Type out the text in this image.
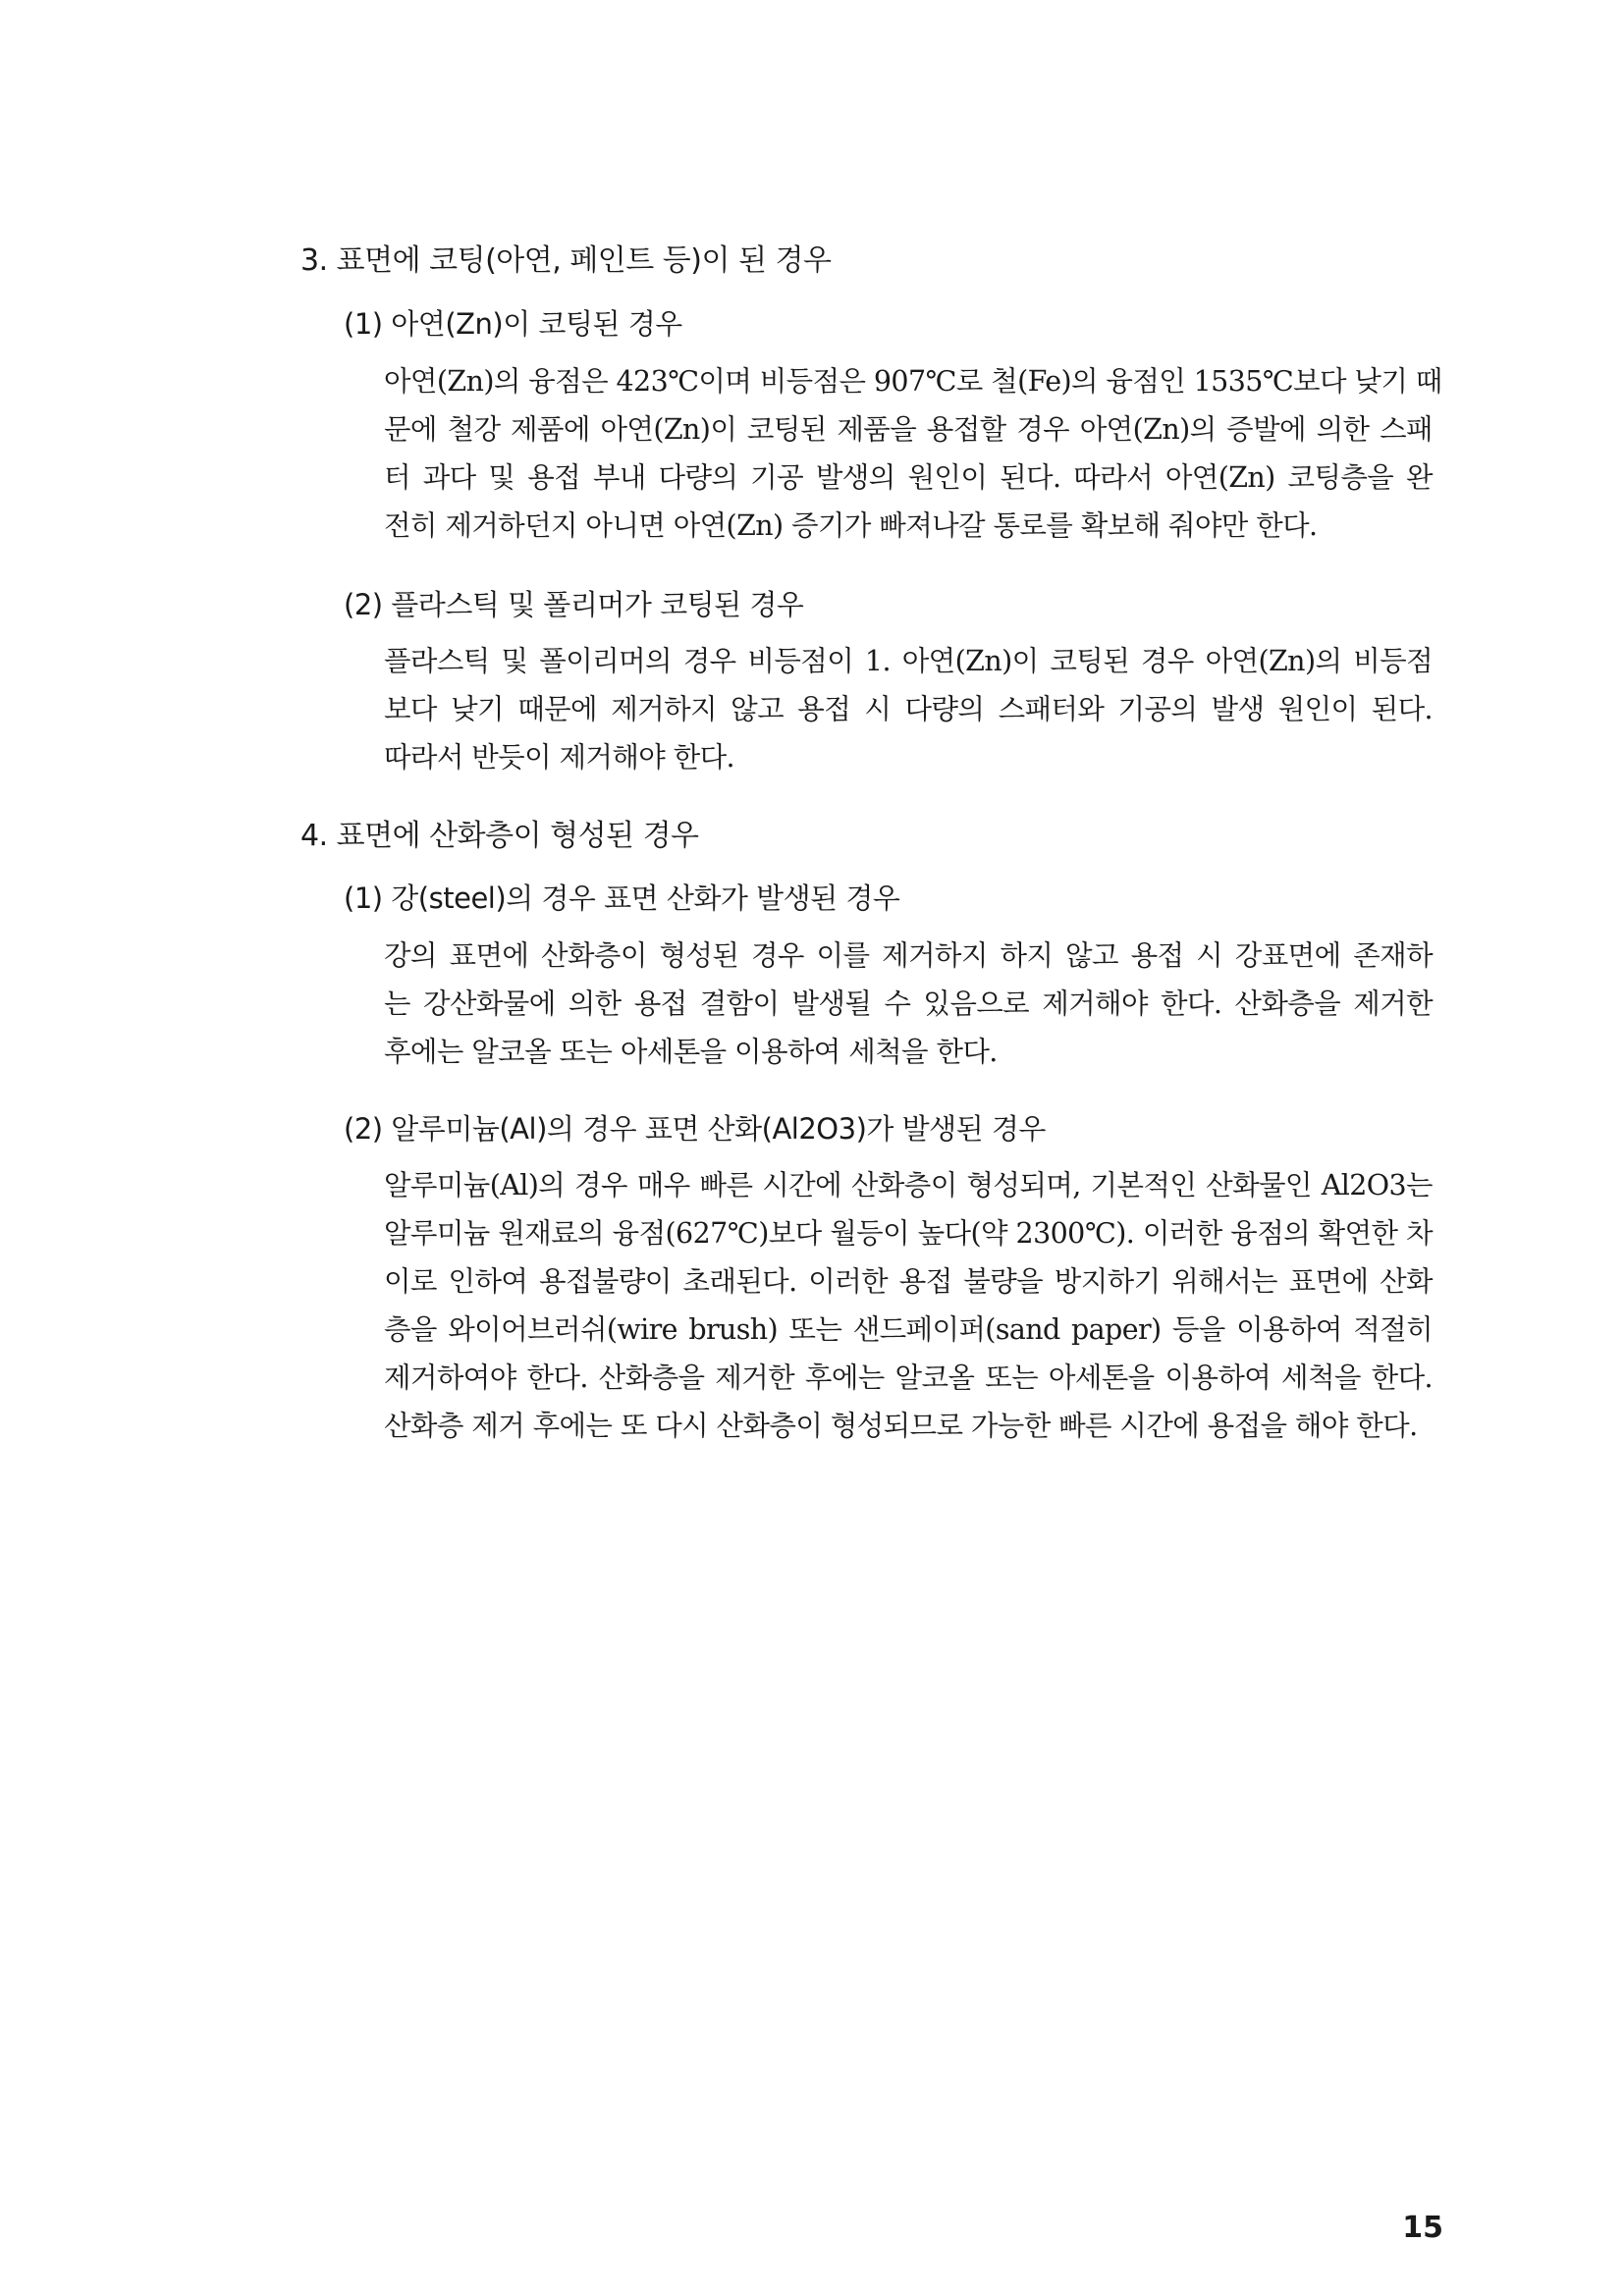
3. 표면에 코팅(아연, 페인트 등)이 된 경우
(1) 아연(Zn)이 코팅된 경우
아연(Zn)의 융점은 423℃이며 비등점은 907℃로 철(Fe)의 융점인 1535℃보다 낮기 때
문에 철강 제품에 아연(Zn)이 코팅된 제품을 용접할 경우 아연(Zn)의 증발에 의한 스패
터 과다 및 용접 부내 다량의 기공 발생의 원인이 된다. 따라서 아연(Zn) 코팅층을 완
전히 제거하던지 아니면 아연(Zn) 증기가 빠져나갈 통로를 확보해 줘야만 한다.
(2) 플라스틱 및 폴리머가 코팅된 경우
플라스틱 및 폴이리머의 경우 비등점이 1. 아연(Zn)이 코팅된 경우 아연(Zn)의 비등점
보다 낮기 때문에 제거하지 않고 용접 시 다량의 스패터와 기공의 발생 원인이 된다.
따라서 반듯이 제거해야 한다.
4. 표면에 산화층이 형성된 경우
(1) 강(steel)의 경우 표면 산화가 발생된 경우
강의 표면에 산화층이 형성된 경우 이를 제거하지 하지 않고 용접 시 강표면에 존재하
는 강산화물에 의한 용접 결함이 발생될 수 있음으로 제거해야 한다. 산화층을 제거한
후에는 알코올 또는 아세톤을 이용하여 세척을 한다.
(2) 알루미늄(Al)의 경우 표면 산화(Al2O3)가 발생된 경우
알루미늄(Al)의 경우 매우 빠른 시간에 산화층이 형성되며, 기본적인 산화물인 Al2O3는
알루미늄 원재료의 융점(627℃)보다 월등이 높다(약 2300℃). 이러한 융점의 확연한 차
이로 인하여 용접불량이 초래된다. 이러한 용접 불량을 방지하기 위해서는 표면에 산화
층을 와이어브러쉬(wire brush) 또는 샌드페이퍼(sand paper) 등을 이용하여 적절히
제거하여야 한다. 산화층을 제거한 후에는 알코올 또는 아세톤을 이용하여 세척을 한다.
산화층 제거 후에는 또 다시 산화층이 형성되므로 가능한 빠른 시간에 용접을 해야 한다.
15
